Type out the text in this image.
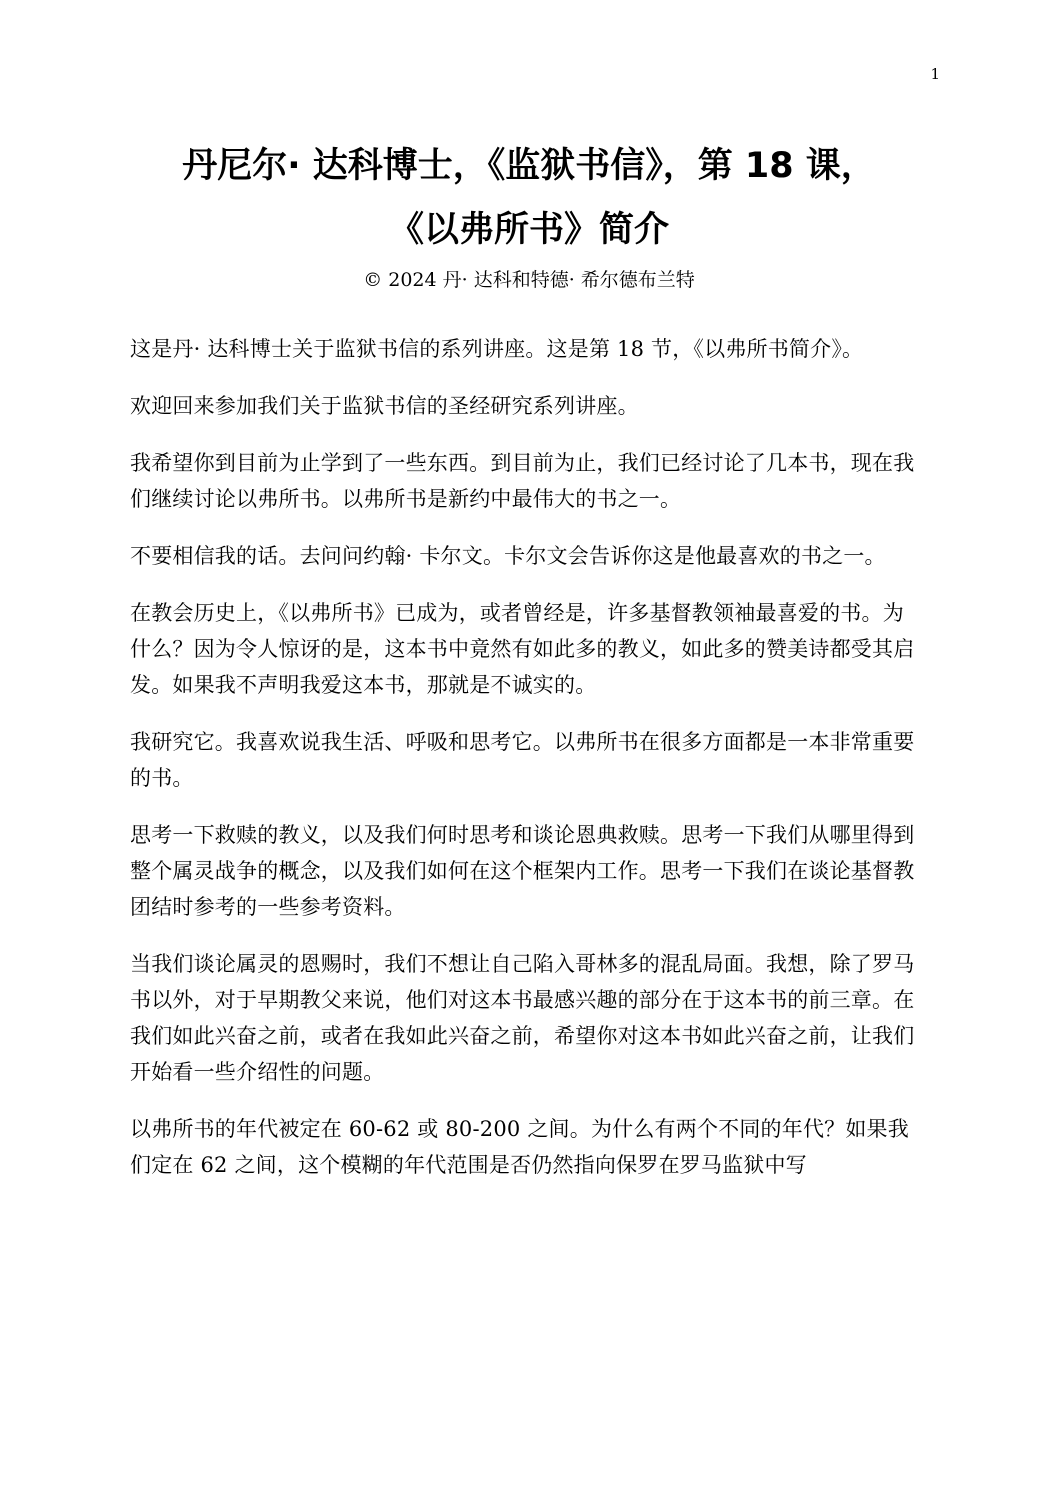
1
丹尼尔· 达科博士，《监狱书信》，第 18 课，
《以弗所书》简介
© 2024 丹· 达科和特德· 希尔德布兰特

这是丹· 达科博士关于监狱书信的系列讲座。这是第 18 节，《以弗所书简介》。

欢迎回来参加我们关于监狱书信的圣经研究系列讲座。

我希望你到目前为止学到了一些东西。到目前为止，我们已经讨论了几本书，现在我们继续讨论以弗所书。以弗所书是新约中最伟大的书之一。

不要相信我的话。去问问约翰· 卡尔文。卡尔文会告诉你这是他最喜欢的书之一。

在教会历史上，《以弗所书》已成为，或者曾经是，许多基督教领袖最喜爱的书。为什么？因为令人惊讶的是，这本书中竟然有如此多的教义，如此多的赞美诗都受其启发。如果我不声明我爱这本书，那就是不诚实的。

我研究它。我喜欢说我生活、呼吸和思考它。以弗所书在很多方面都是一本非常重要的书。

思考一下救赎的教义，以及我们何时思考和谈论恩典救赎。思考一下我们从哪里得到整个属灵战争的概念，以及我们如何在这个框架内工作。思考一下我们在谈论基督教团结时参考的一些参考资料。

当我们谈论属灵的恩赐时，我们不想让自己陷入哥林多的混乱局面。我想，除了罗马书以外，对于早期教父来说，他们对这本书最感兴趣的部分在于这本书的前三章。在我们如此兴奋之前，或者在我如此兴奋之前，希望你对这本书如此兴奋之前，让我们开始看一些介绍性的问题。

以弗所书的年代被定在 60-62 或 80-200 之间。为什么有两个不同的年代？如果我们定在 62 之间，这个模糊的年代范围是否仍然指向保罗在罗马监狱中写
